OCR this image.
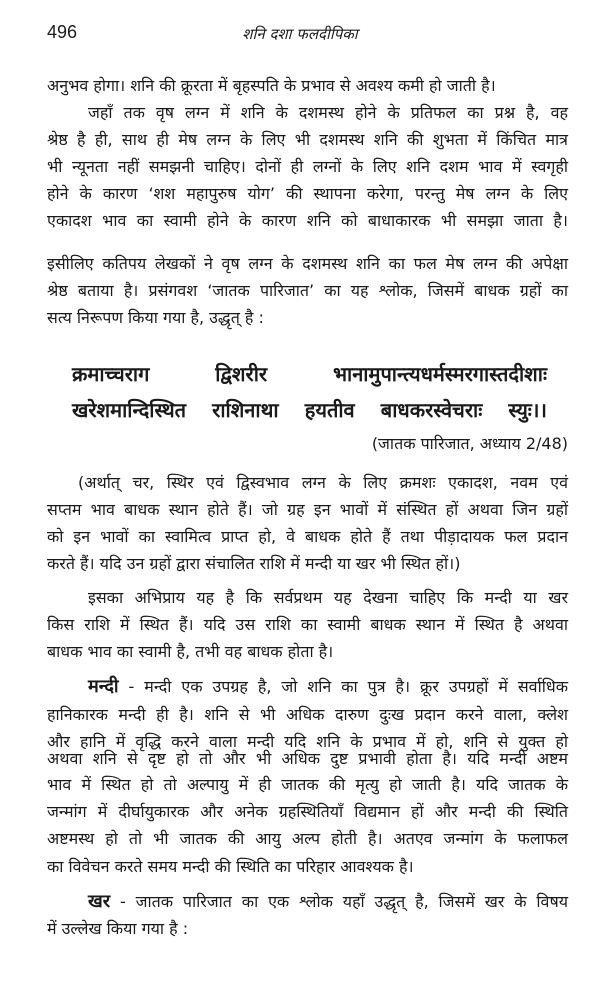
496	शनि दशा फलदीपिका
अनुभव होगा। शनि की क्रूरता में बृहस्पति के प्रभाव से अवश्य कमी हो जाती है।
जहाँ तक वृष लग्न में शनि के दशमस्थ होने के प्रतिफल का प्रश्न है, वह
श्रेष्ठ है ही, साथ ही मेष लग्न के लिए भी दशमस्थ शनि की शुभता में किंचित मात्र
भी न्यूनता नहीं समझनी चाहिए। दोनों ही लग्नों के लिए शनि दशम भाव में स्वगृही
होने के कारण ‘शश महापुरुष योग’ की स्थापना करेगा, परन्तु मेष लग्न के लिए
एकादश भाव का स्वामी होने के कारण शनि को बाधाकारक भी समझा जाता है।
इसीलिए कतिपय लेखकों ने वृष लग्न के दशमस्थ शनि का फल मेष लग्न की अपेक्षा
श्रेष्ठ बताया है। प्रसंगवश ‘जातक पारिजात’ का यह श्लोक, जिसमें बाधक ग्रहों का
सत्य निरूपण किया गया है, उद्धृत् है :
क्रमाच्चराग द्विशरीर भानामुपान्त्यधर्मस्मरगास्तदीशाः
खरेशमान्दिस्थित राशिनाथा हयतीव बाधकरस्वेचराः स्युः।।
(जातक पारिजात, अध्याय 2/48)
(अर्थात् चर, स्थिर एवं द्विस्वभाव लग्न के लिए क्रमशः एकादश, नवम एवं
सप्तम भाव बाधक स्थान होते हैं। जो ग्रह इन भावों में संस्थित हों अथवा जिन ग्रहों
को इन भावों का स्वामित्व प्राप्त हो, वे बाधक होते हैं तथा पीड़ादायक फल प्रदान
करते हैं। यदि उन ग्रहों द्वारा संचालित राशि में मन्दी या खर भी स्थित हों।)
इसका अभिप्राय यह है कि सर्वप्रथम यह देखना चाहिए कि मन्दी या खर
किस राशि में स्थित हैं। यदि उस राशि का स्वामी बाधक स्थान में स्थित है अथवा
बाधक भाव का स्वामी है, तभी वह बाधक होता है।
मन्दी - मन्दी एक उपग्रह है, जो शनि का पुत्र है। क्रूर उपग्रहों में सर्वाधिक
हानिकारक मन्दी ही है। शनि से भी अधिक दारुण दुःख प्रदान करने वाला, क्लेश
और हानि में वृद्धि करने वाला मन्दी यदि शनि के प्रभाव में हो, शनि से युक्त हो
अथवा शनि से दृष्ट हो तो और भी अधिक दुष्ट प्रभावी होता है। यदि मन्दी अष्टम
भाव में स्थित हो तो अल्पायु में ही जातक की मृत्यु हो जाती है। यदि जातक के
जन्मांग में दीर्घायुकारक और अनेक ग्रहस्थितियाँ विद्यमान हों और मन्दी की स्थिति
अष्टमस्थ हो तो भी जातक की आयु अल्प होती है। अतएव जन्मांग के फलाफल
का विवेचन करते समय मन्दी की स्थिति का परिहार आवश्यक है।
खर - जातक पारिजात का एक श्लोक यहाँ उद्धृत् है, जिसमें खर के विषय
में उल्लेख किया गया है :
